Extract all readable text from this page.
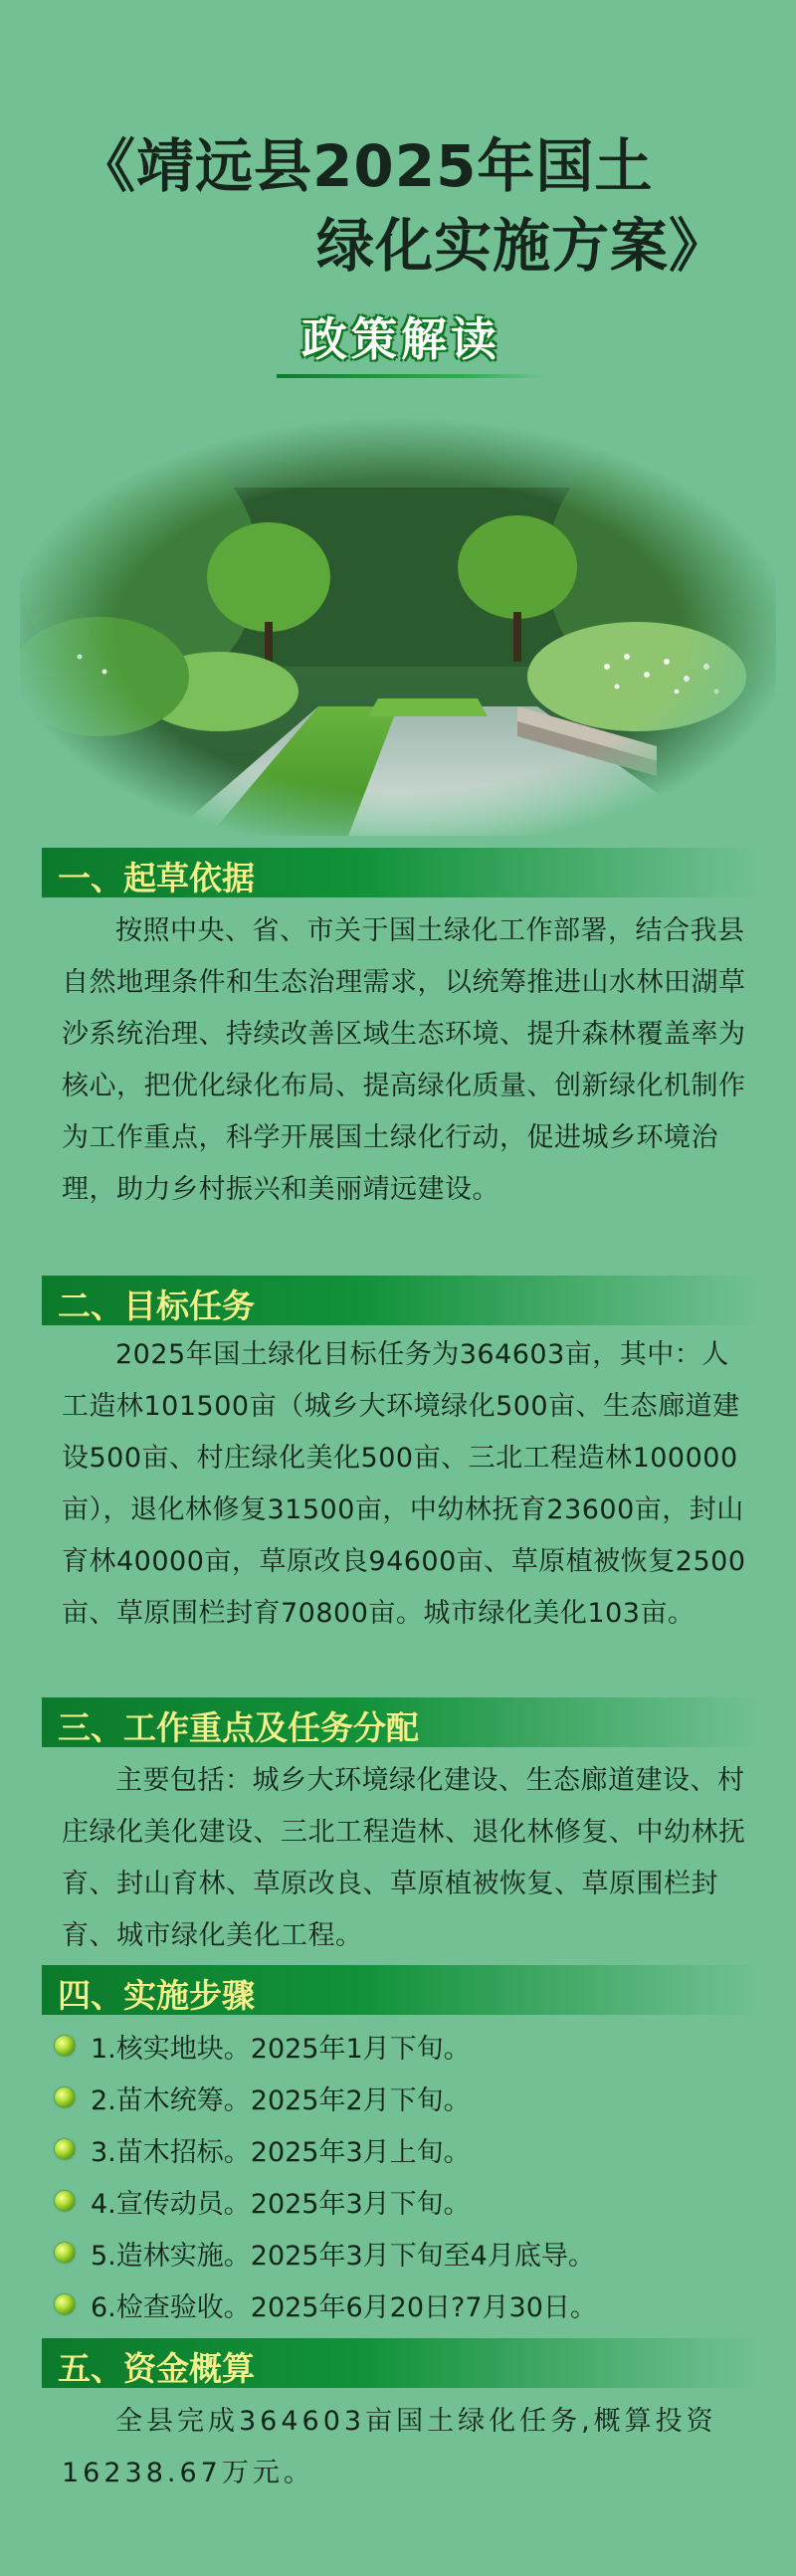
《靖远县2025年国土
绿化实施方案》
政策解读
一、起草依据
按照中央、省、市关于国土绿化工作部署，结合我县自然地理条件和生态治理需求，以统筹推进山水林田湖草沙系统治理、持续改善区域生态环境、提升森林覆盖率为核心，把优化绿化布局、提高绿化质量、创新绿化机制作为工作重点，科学开展国土绿化行动，促进城乡环境治理，助力乡村振兴和美丽靖远建设。
二、目标任务
2025年国土绿化目标任务为364603亩，其中：人工造林101500亩（城乡大环境绿化500亩、生态廊道建设500亩、村庄绿化美化500亩、三北工程造林100000亩），退化林修复31500亩，中幼林抚育23600亩，封山育林40000亩，草原改良94600亩、草原植被恢复2500亩、草原围栏封育70800亩。城市绿化美化103亩。
三、工作重点及任务分配
主要包括：城乡大环境绿化建设、生态廊道建设、村庄绿化美化建设、三北工程造林、退化林修复、中幼林抚育、封山育林、草原改良、草原植被恢复、草原围栏封育、城市绿化美化工程。
四、实施步骤
1.核实地块。2025年1月下旬。
2.苗木统筹。2025年2月下旬。
3.苗木招标。2025年3月上旬。
4.宣传动员。2025年3月下旬。
5.造林实施。2025年3月下旬至4月底导。
6.检查验收。2025年6月20日?7月30日。
五、资金概算
全县完成364603亩国土绿化任务,概算投资16238.67万元。
